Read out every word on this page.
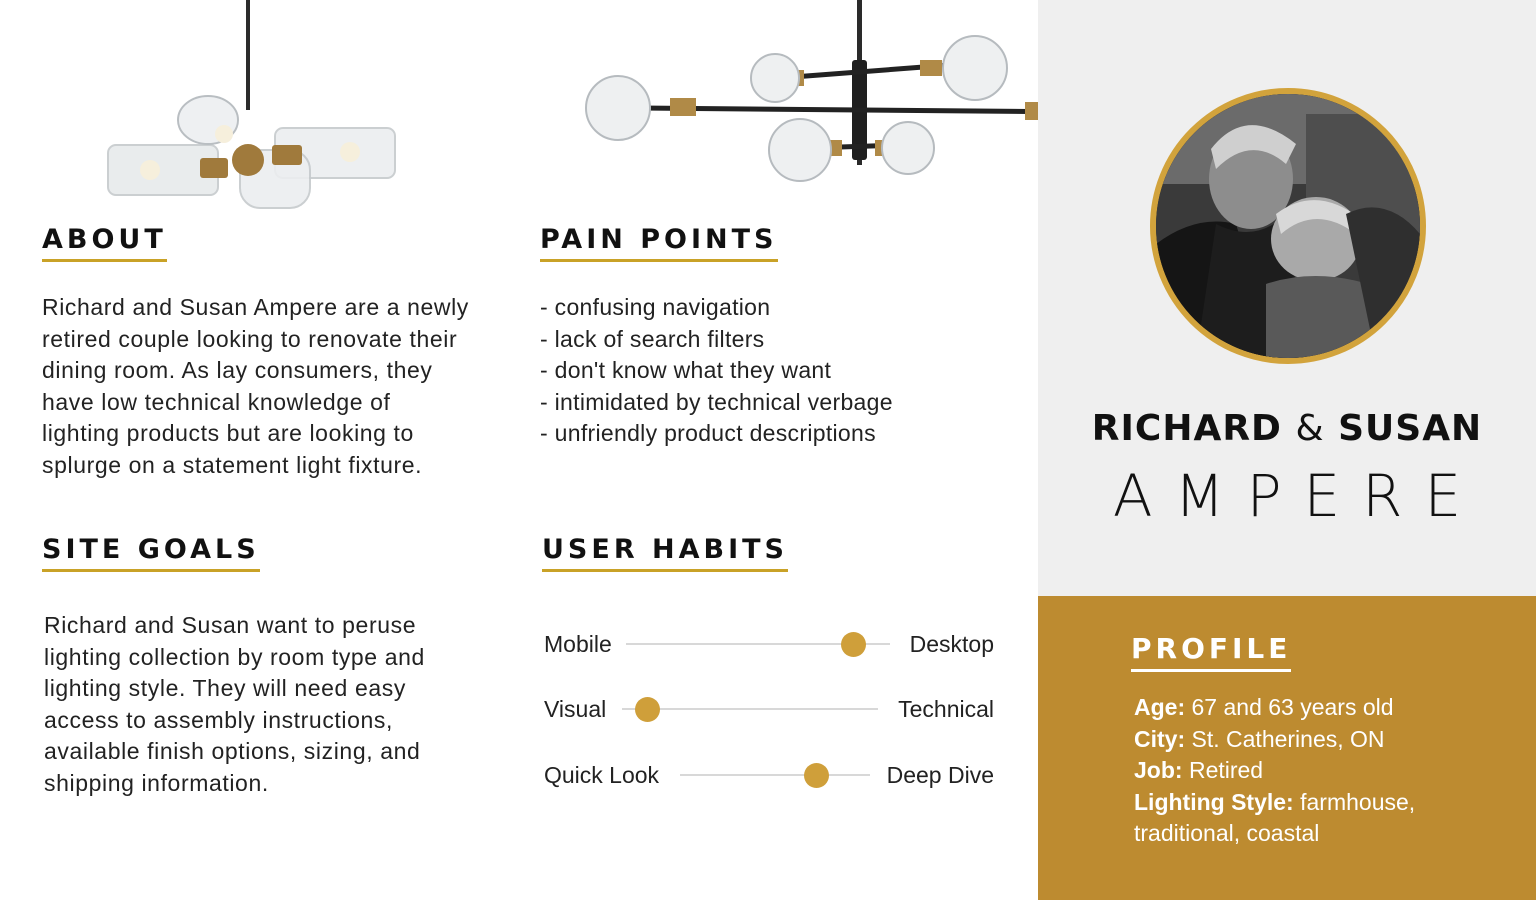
ABOUT
Richard and Susan Ampere are a newly
retired couple looking to renovate their
dining room. As lay consumers, they
have low technical knowledge of
lighting products but are looking to
splurge on a statement light fixture.
PAIN POINTS
- confusing navigation
- lack of search filters
- don't know what they want
- intimidated by technical verbage
- unfriendly product descriptions
SITE GOALS
Richard and Susan want to peruse
lighting collection by room type and
lighting style. They will need easy
access to assembly instructions,
available finish options, sizing, and
shipping information.
USER HABITS
Mobile	Desktop
Visual	Technical
Quick Look	Deep Dive
RICHARD & SUSAN
AMPERE
PROFILE
Age: 67 and 63 years old
City: St. Catherines, ON
Job: Retired
Lighting Style: farmhouse,
traditional, coastal
